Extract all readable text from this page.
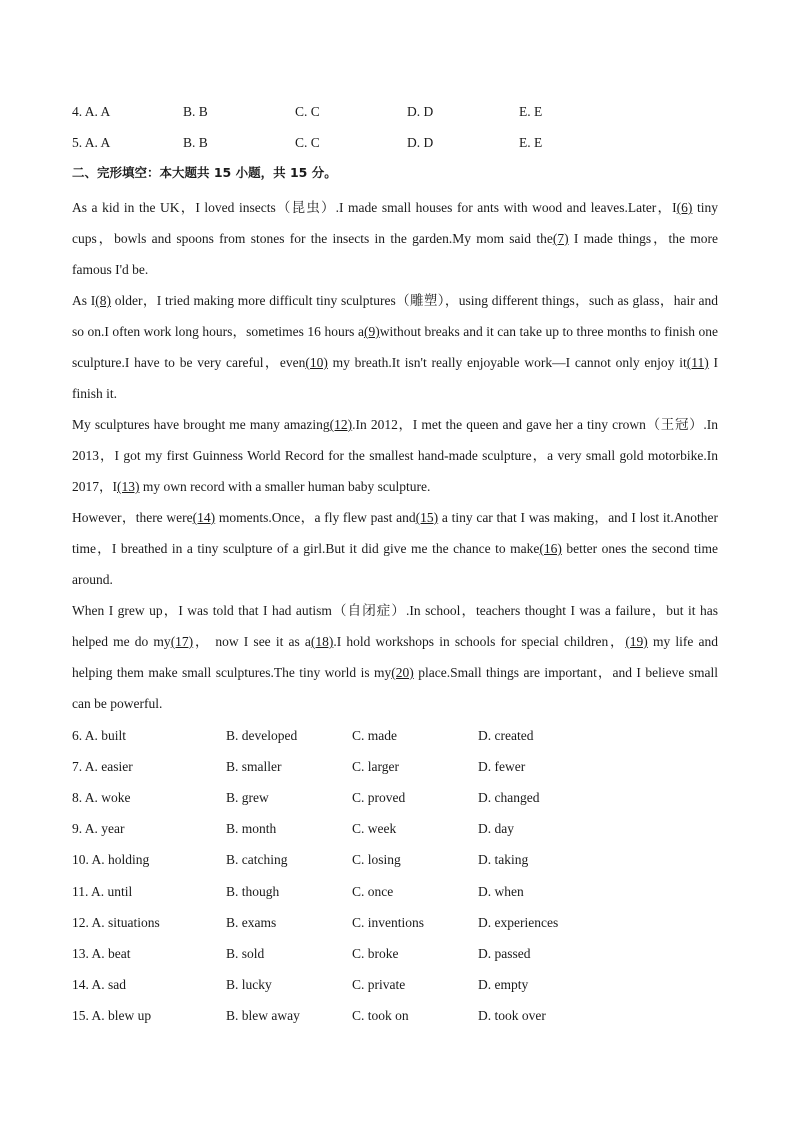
4. A. A	B. B	C. C	D. D	E. E
5. A. A	B. B	C. C	D. D	E. E
二、完形填空：本大题共 15 小题，共 15 分。

As a kid in the UK，I loved insects（昆虫）.I made small houses for ants with wood and leaves.Later，I(6) tiny cups，bowls and spoons from stones for the insects in the garden.My mom said the(7) I made things，the more famous I'd be.

As I(8) older，I tried making more difficult tiny sculptures（雕塑），using different things，such as glass，hair and so on.I often work long hours，sometimes 16 hours a(9)without breaks and it can take up to three months to finish one sculpture.I have to be very careful，even(10) my breath.It isn't really enjoyable work—I cannot only enjoy it(11) I finish it.

My sculptures have brought me many amazing(12).In 2012，I met the queen and gave her a tiny crown（王冠）.In 2013，I got my first Guinness World Record for the smallest hand-made sculpture，a very small gold motorbike.In 2017，I(13) my own record with a smaller human baby sculpture.

However，there were(14) moments.Once，a fly flew past and(15) a tiny car that I was making，and I lost it.Another time，I breathed in a tiny sculpture of a girl.But it did give me the chance to make(16) better ones the second time around.

When I grew up，I was told that I had autism（自闭症）.In school，teachers thought I was a failure，but it has helped me do my(17)， now I see it as a(18).I hold workshops in schools for special children，(19) my life and helping them make small sculptures.The tiny world is my(20) place.Small things are important，and I believe small can be powerful.

6. A. built	B. developed	C. made	D. created
7. A. easier	B. smaller	C. larger	D. fewer
8. A. woke	B. grew	C. proved	D. changed
9. A. year	B. month	C. week	D. day
10. A. holding	B. catching	C. losing	D. taking
11. A. until	B. though	C. once	D. when
12. A. situations	B. exams	C. inventions	D. experiences
13. A. beat	B. sold	C. broke	D. passed
14. A. sad	B. lucky	C. private	D. empty
15. A. blew up	B. blew away	C. took on	D. took over
